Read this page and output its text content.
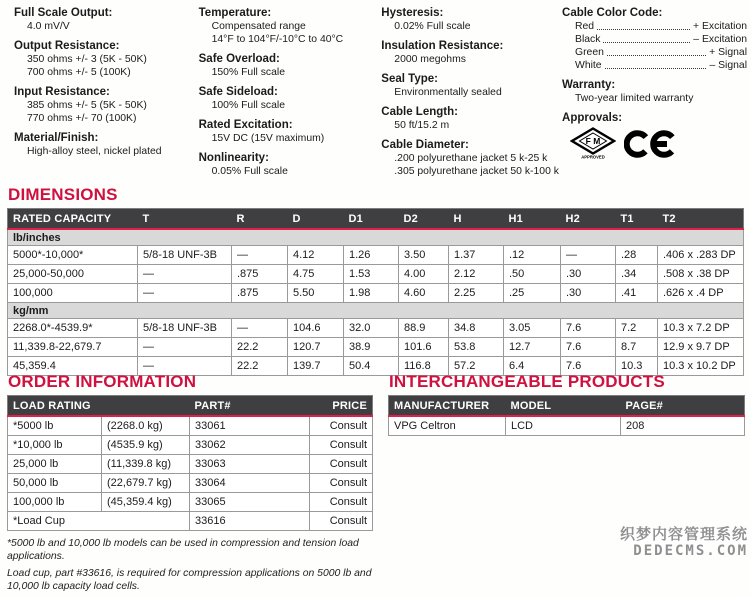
Full Scale Output:
4.0 mV/V
Output Resistance:
350 ohms +/- 3 (5K - 50K)
700 ohms +/- 5 (100K)
Input Resistance:
385 ohms +/- 5 (5K - 50K)
770 ohms +/- 70 (100K)
Material/Finish:
High-alloy steel, nickel plated
Temperature:
Compensated range
14°F to 104°F/-10°C to 40°C
Safe Overload:
150% Full scale
Safe Sideload:
100% Full scale
Rated Excitation:
15V DC (15V maximum)
Nonlinearity:
0.05% Full scale
Hysteresis:
0.02% Full scale
Insulation Resistance:
2000 megohms
Seal Type:
Environmentally sealed
Cable Length:
50 ft/15.2 m
Cable Diameter:
.200 polyurethane jacket 5 k-25 k
.305 polyurethane jacket 50 k-100 k
Cable Color Code:
Red	+ Excitation
Black	– Excitation
Green	+ Signal
White	– Signal
Warranty:
Two-year limited warranty
Approvals:
F M
APPROVED
DIMENSIONS
RATED CAPACITY	T	R	D	D1	D2	H	H1	H2	T1	T2
lb/inches										
5000*-10,000*	5/8-18 UNF-3B	—	4.12	1.26	3.50	1.37	.12	—	.28	.406 x .283 DP
25,000-50,000	—	.875	4.75	1.53	4.00	2.12	.50	.30	.34	.508 x .38 DP
100,000	—	.875	5.50	1.98	4.60	2.25	.25	.30	.41	.626 x .4 DP
kg/mm										
2268.0*-4539.9*	5/8-18 UNF-3B	—	104.6	32.0	88.9	34.8	3.05	7.6	7.2	10.3 x 7.2 DP
11,339.8-22,679.7	—	22.2	120.7	38.9	101.6	53.8	12.7	7.6	8.7	12.9 x 9.7 DP
45,359.4	—	22.2	139.7	50.4	116.8	57.2	6.4	7.6	10.3	10.3 x 10.2 DP
ORDER INFORMATION
LOAD RATING		PART#	PRICE
*5000 lb	(2268.0 kg)	33061	Consult
*10,000 lb	(4535.9 kg)	33062	Consult
25,000 lb	(11,339.8 kg)	33063	Consult
50,000 lb	(22,679.7 kg)	33064	Consult
100,000 lb	(45,359.4 kg)	33065	Consult
*Load Cup		33616	Consult
*5000 lb and 10,000 lb models can be used in compression and tension load applications.
Load cup, part #33616, is required for compression applications on 5000 lb and 10,000 lb capacity load cells.
INTERCHANGEABLE PRODUCTS
MANUFACTURER	MODEL	PAGE#
VPG Celtron	LCD	208
织梦内容管理系统
DEDECMS.COM
